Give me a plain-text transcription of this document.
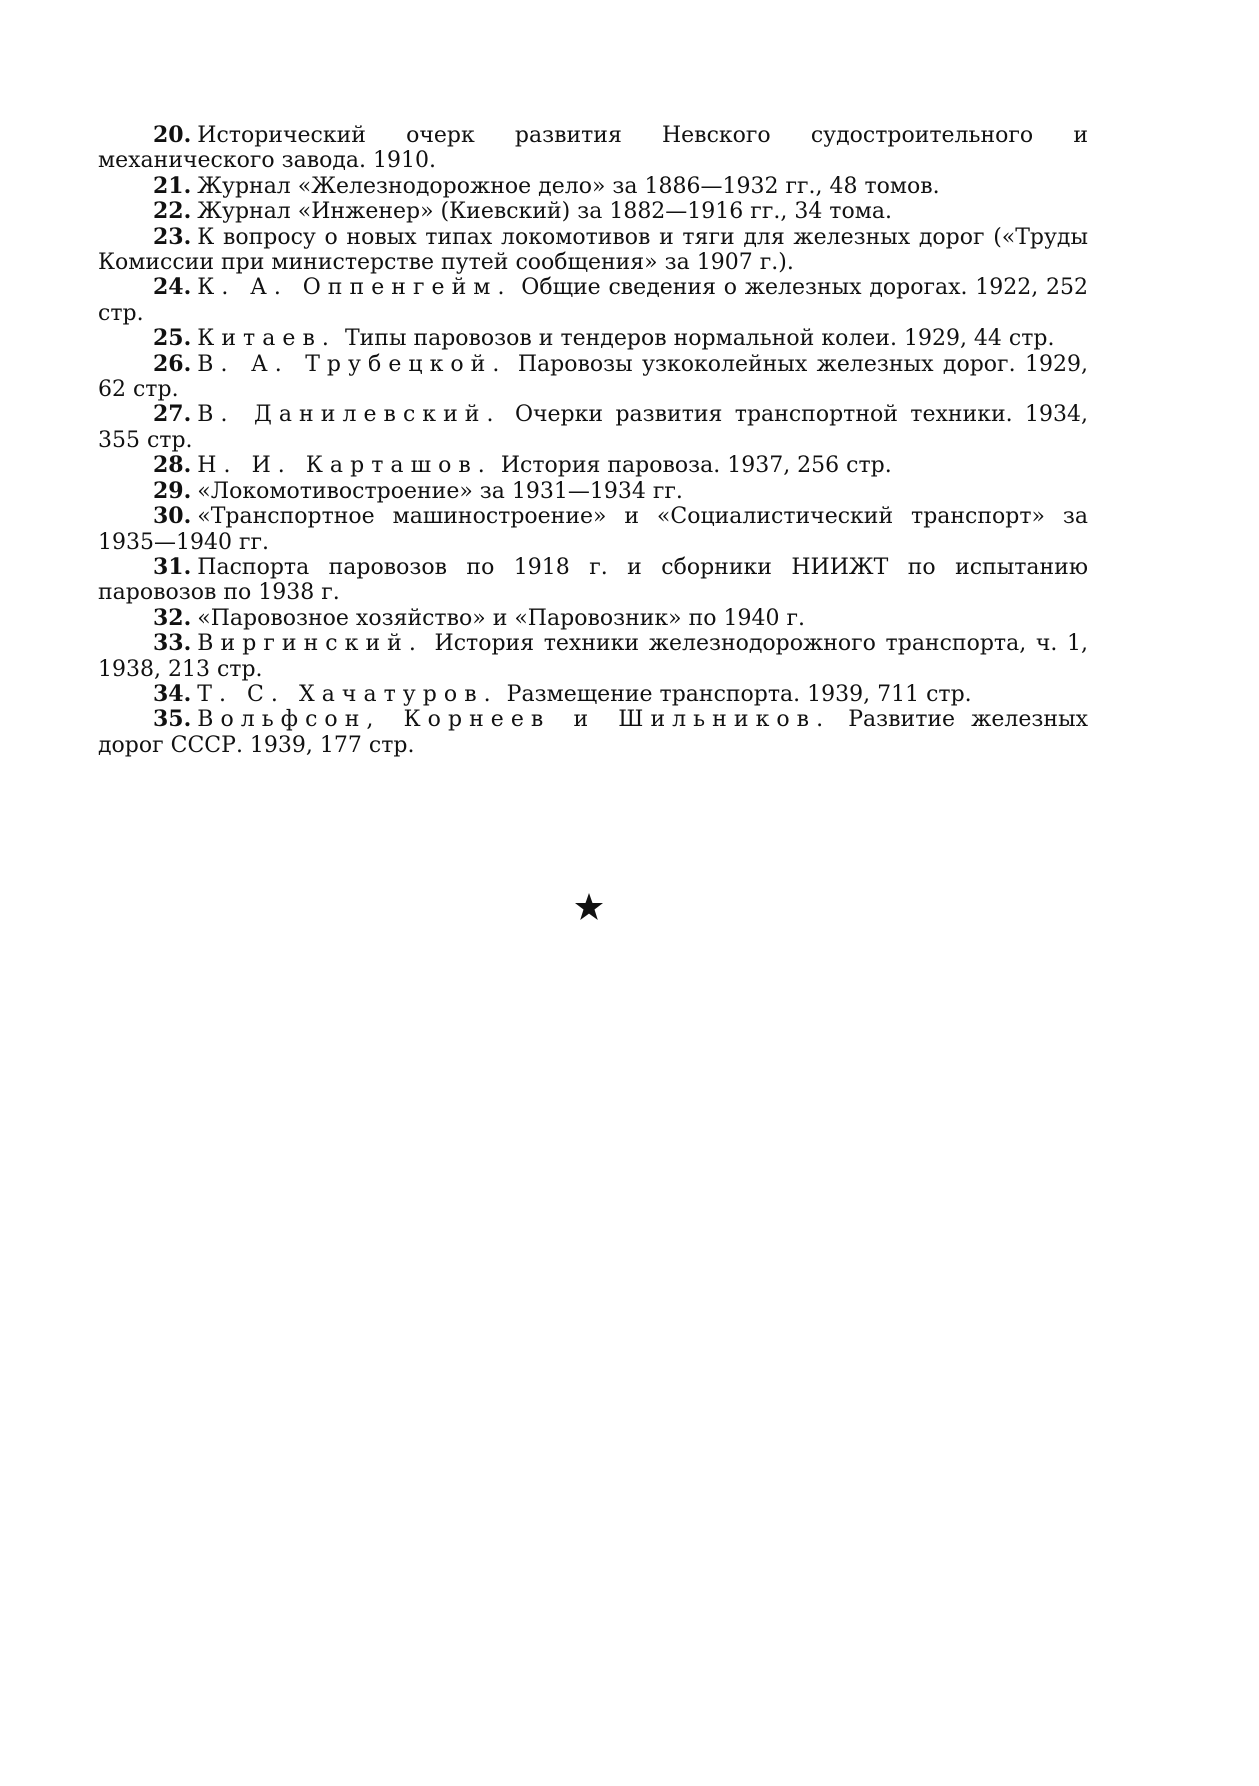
20. Исторический очерк развития Невского судостроительного и механического завода. 1910.

21. Журнал «Железнодорожное дело» за 1886—1932 гг., 48 томов.

22. Журнал «Инженер» (Киевский) за 1882—1916 гг., 34 тома.

23. К вопросу о новых типах локомотивов и тяги для железных дорог («Труды Комиссии при министерстве путей сообщения» за 1907 г.).

24. К. А. Оппенгейм. Общие сведения о железных дорогах. 1922, 252 стр.

25. Китаев. Типы паровозов и тендеров нормальной колеи. 1929, 44 стр.

26. В. А. Трубецкой. Паровозы узкоколейных железных дорог. 1929, 62 стр.

27. В. Данилевский. Очерки развития транспортной техники. 1934, 355 стр.

28. Н. И. Карташов. История паровоза. 1937, 256 стр.

29. «Локомотивостроение» за 1931—1934 гг.

30. «Транспортное машиностроение» и «Социалистический транспорт» за 1935—1940 гг.

31. Паспорта паровозов по 1918 г. и сборники НИИЖТ по испытанию паровозов по 1938 г.

32. «Паровозное хозяйство» и «Паровозник» по 1940 г.

33. Виргинский. История техники железнодорожного транспорта, ч. 1, 1938, 213 стр.

34. Т. С. Хачатуров. Размещение транспорта. 1939, 711 стр.

35. Вольфсон, Корнеев и Шильников. Развитие железных дорог СССР. 1939, 177 стр.
